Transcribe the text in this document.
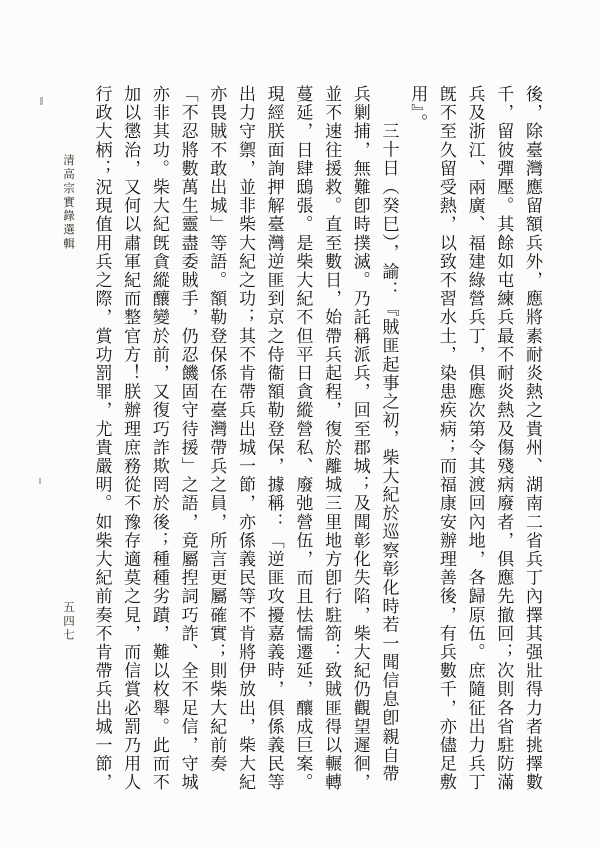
清高宗實錄選輯
五四七	後，除臺灣應留額兵外，應將素耐炎熱之貴州、湖南二省兵丁內擇其强壯得力者挑擇數
千，留彼彈壓。其餘如屯練兵最不耐炎熱及傷殘病廢者，俱應先撤回；次則各省駐防滿
兵及浙江、兩廣、福建綠營兵丁，俱應次第令其渡回內地，各歸原伍。庶隨征出力兵丁
旣不至久留受熱，以致不習水土，染患疾病；而福康安辦理善後，有兵數千，亦儘足敷
用』。
三十日（癸巳），諭：『賊匪起事之初，柴大紀於巡察彰化時若一聞信息卽親自帶
兵剿捕，無難卽時撲滅。乃託稱派兵，回至郡城；及聞彰化失陷，柴大紀仍觀望遲徊，
並不速往援救。直至數日，始帶兵起程，復於離城三里地方卽行駐箚：致賊匪得以輾轉
蔓延，日肆鴟張。是柴大紀不但平日貪縱營私、廢弛營伍，而且怯懦遷延，釀成巨案。
現經朕面詢押解臺灣逆匪到京之侍衞額勒登保，據稱：「逆匪攻擾嘉義時，俱係義民等
出力守禦，並非柴大紀之功；其不肯帶兵出城一節，亦係義民等不肯將伊放出，柴大紀
亦畏賊不敢出城」等語。額勒登保係在臺灣帶兵之員，所言更屬確實；則柴大紀前奏
「不忍將數萬生靈盡委賊手，仍忍饑固守待援」之語，竟屬揑詞巧詐、全不足信，守城
亦非其功。柴大紀旣貪縱釀變於前，又復巧詐欺罔於後；種種劣蹟，難以枚舉。此而不
加以懲治，又何以肅軍紀而整官方！朕辦理庶務從不豫存適莫之見，而信賞必罰乃用人
行政大柄；況現值用兵之際，賞功罰罪，尤貴嚴明。如柴大紀前奏不肯帶兵出城一節，
